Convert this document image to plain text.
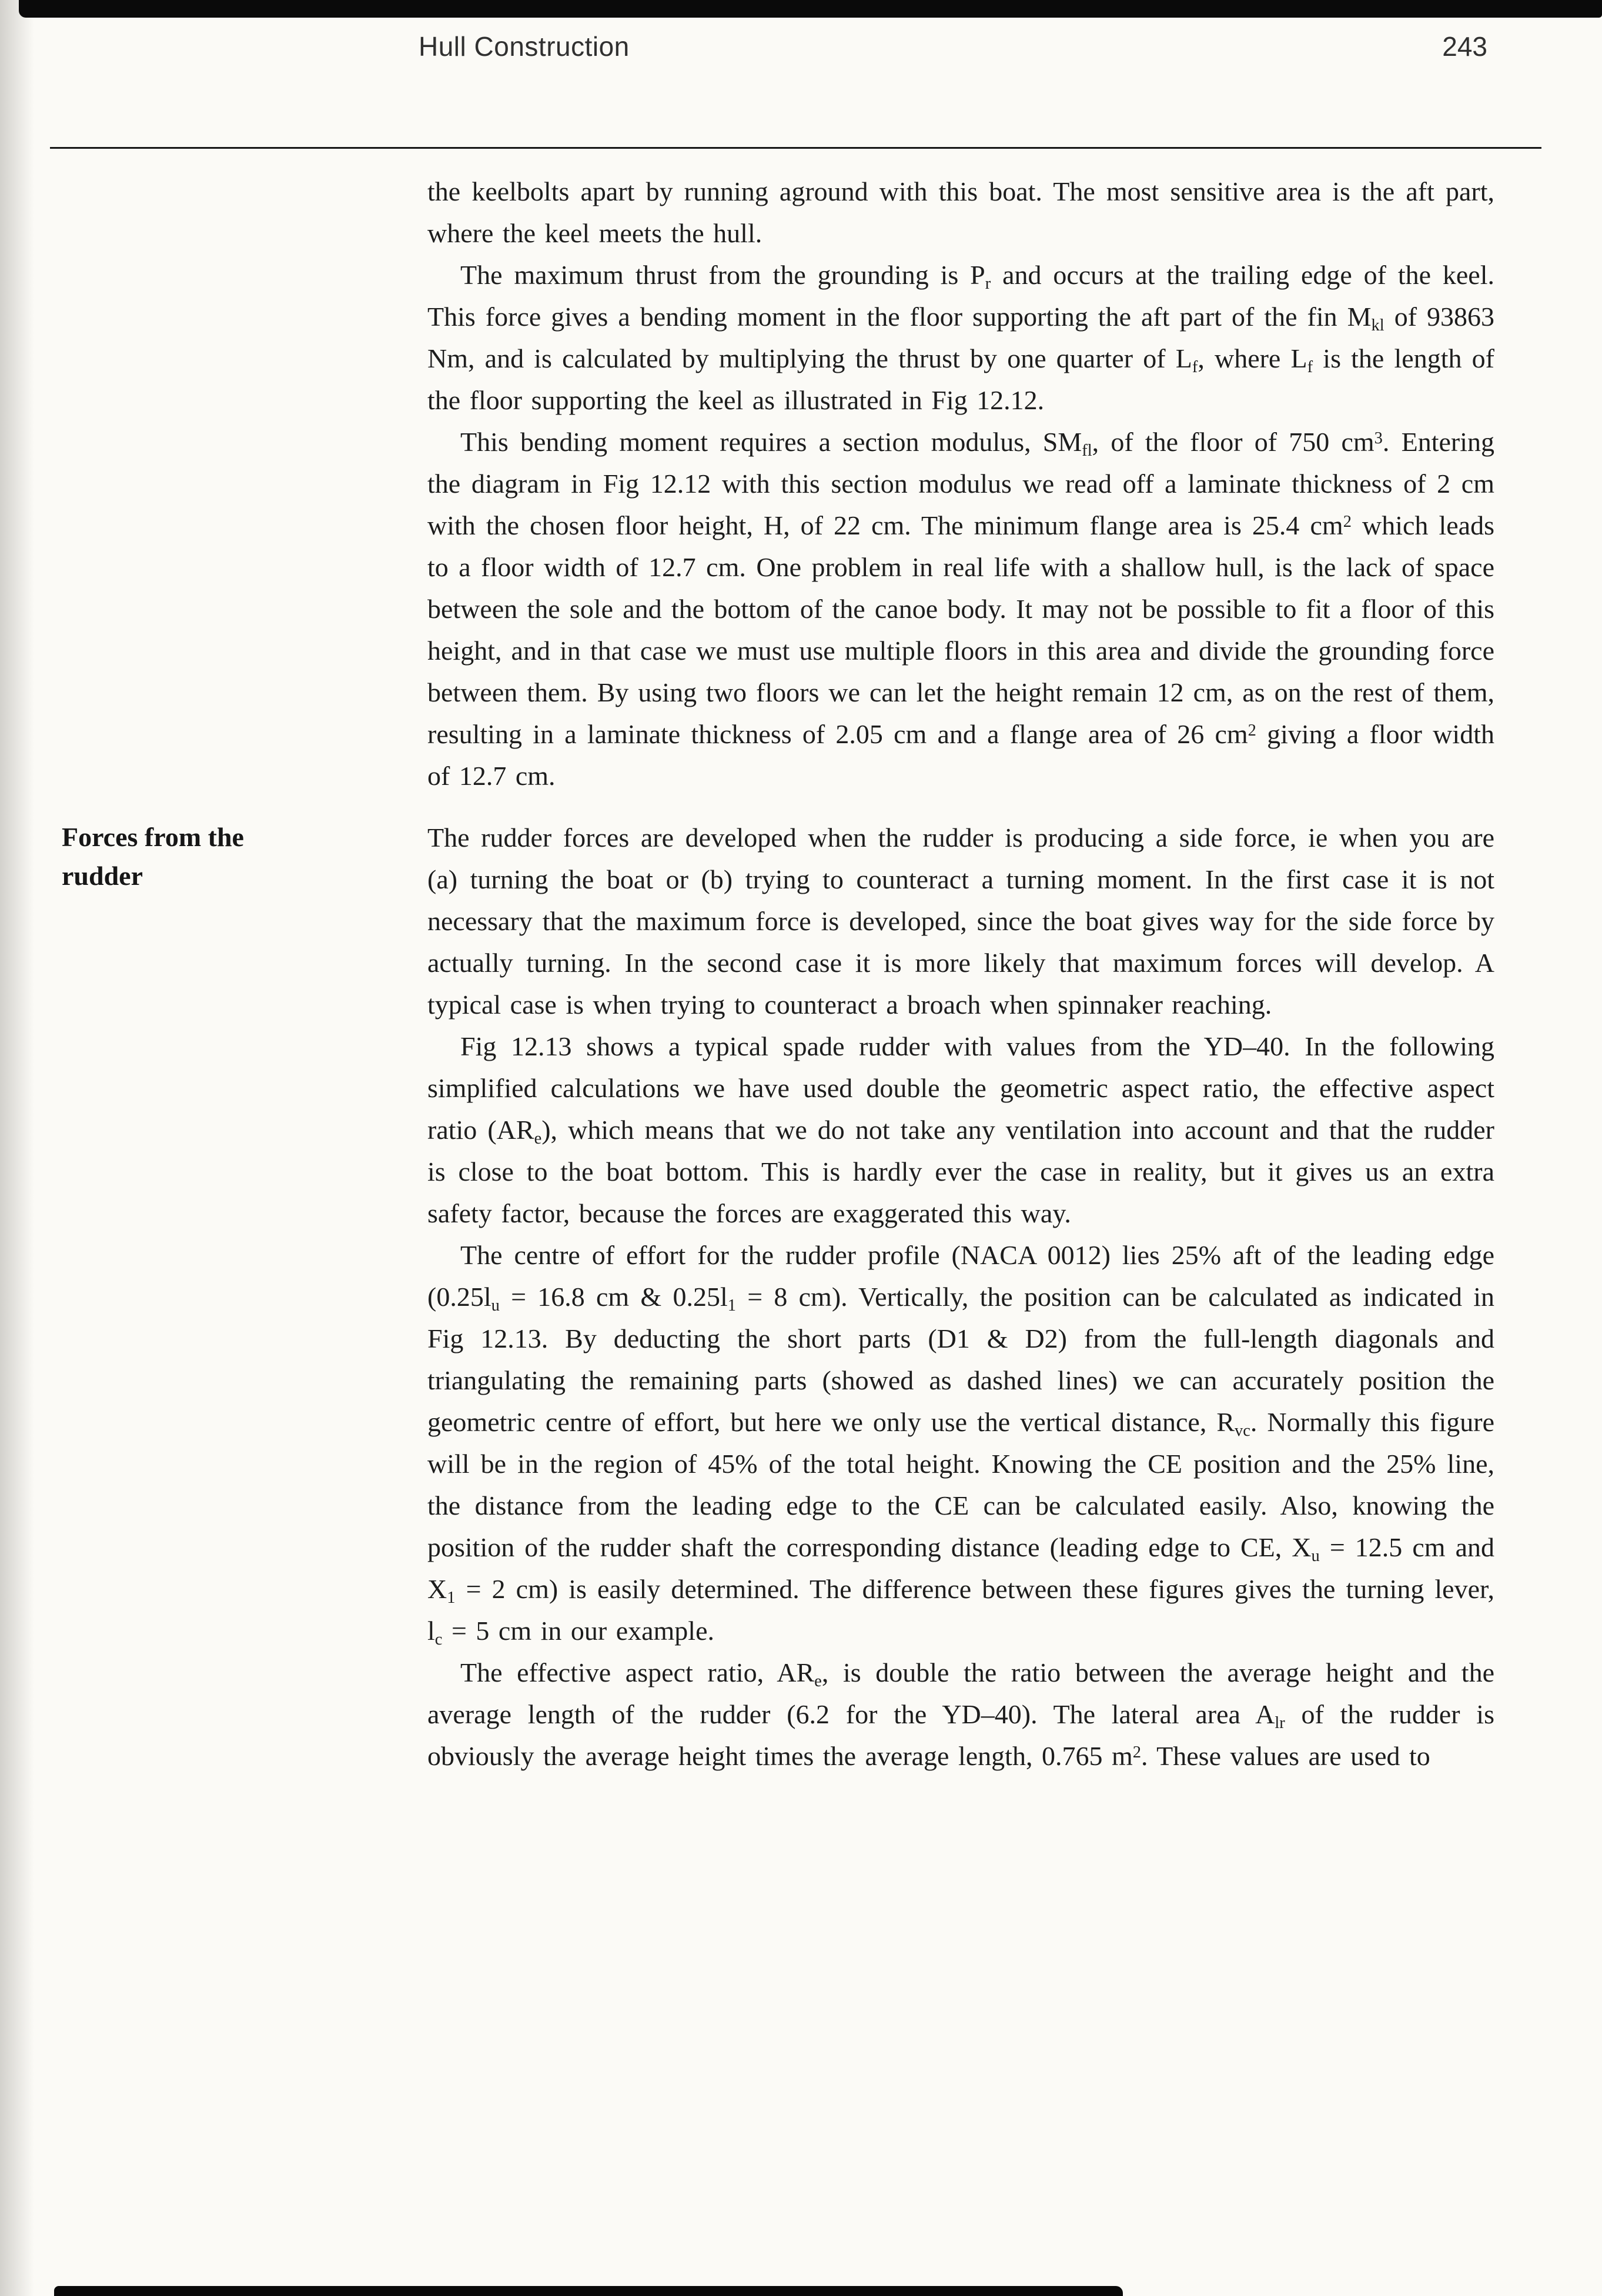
Hull Construction	243

the keelbolts apart by running aground with this boat. The most sensitive area is the aft part, where the keel meets the hull.

The maximum thrust from the grounding is $P_r$ and occurs at the trailing edge of the keel. This force gives a bending moment in the floor supporting the aft part of the fin $M_{kl}$ of 93863 Nm, and is calculated by multiplying the thrust by one quarter of $L_f$, where $L_f$ is the length of the floor supporting the keel as illustrated in Fig 12.12.

This bending moment requires a section modulus, $SM_{fl}$, of the floor of 750 $cm^3$. Entering the diagram in Fig 12.12 with this section modulus we read off a laminate thickness of 2 cm with the chosen floor height, H, of 22 cm. The minimum flange area is 25.4 $cm^2$ which leads to a floor width of 12.7 cm. One problem in real life with a shallow hull, is the lack of space between the sole and the bottom of the canoe body. It may not be possible to fit a floor of this height, and in that case we must use multiple floors in this area and divide the grounding force between them. By using two floors we can let the height remain 12 cm, as on the rest of them, resulting in a laminate thickness of 2.05 cm and a flange area of 26 $cm^2$ giving a floor width of 12.7 cm.

Forces from the
rudder

The rudder forces are developed when the rudder is producing a side force, ie when you are (a) turning the boat or (b) trying to counteract a turning moment. In the first case it is not necessary that the maximum force is developed, since the boat gives way for the side force by actually turning. In the second case it is more likely that maximum forces will develop. A typical case is when trying to counteract a broach when spinnaker reaching.

Fig 12.13 shows a typical spade rudder with values from the YD–40. In the following simplified calculations we have used double the geometric aspect ratio, the effective aspect ratio $(AR_e)$, which means that we do not take any ventilation into account and that the rudder is close to the boat bottom. This is hardly ever the case in reality, but it gives us an extra safety factor, because the forces are exaggerated this way.

The centre of effort for the rudder profile (NACA 0012) lies 25% aft of the leading edge ($0.25l_u = 16.8$ cm & $0.25l_1 = 8$ cm). Vertically, the position can be calculated as indicated in Fig 12.13. By deducting the short parts (D1 & D2) from the full-length diagonals and triangulating the remaining parts (showed as dashed lines) we can accurately position the geometric centre of effort, but here we only use the vertical distance, $R_{vc}$. Normally this figure will be in the region of 45% of the total height. Knowing the CE position and the 25% line, the distance from the leading edge to the CE can be calculated easily. Also, knowing the position of the rudder shaft the corresponding distance (leading edge to CE, $X_u = 12.5$ cm and $X_1 = 2$ cm) is easily determined. The difference between these figures gives the turning lever, $l_c = 5$ cm in our example.

The effective aspect ratio, $AR_e$, is double the ratio between the average height and the average length of the rudder (6.2 for the YD–40). The lateral area $A_{lr}$ of the rudder is obviously the average height times the average length, 0.765 $m^2$. These values are used to
